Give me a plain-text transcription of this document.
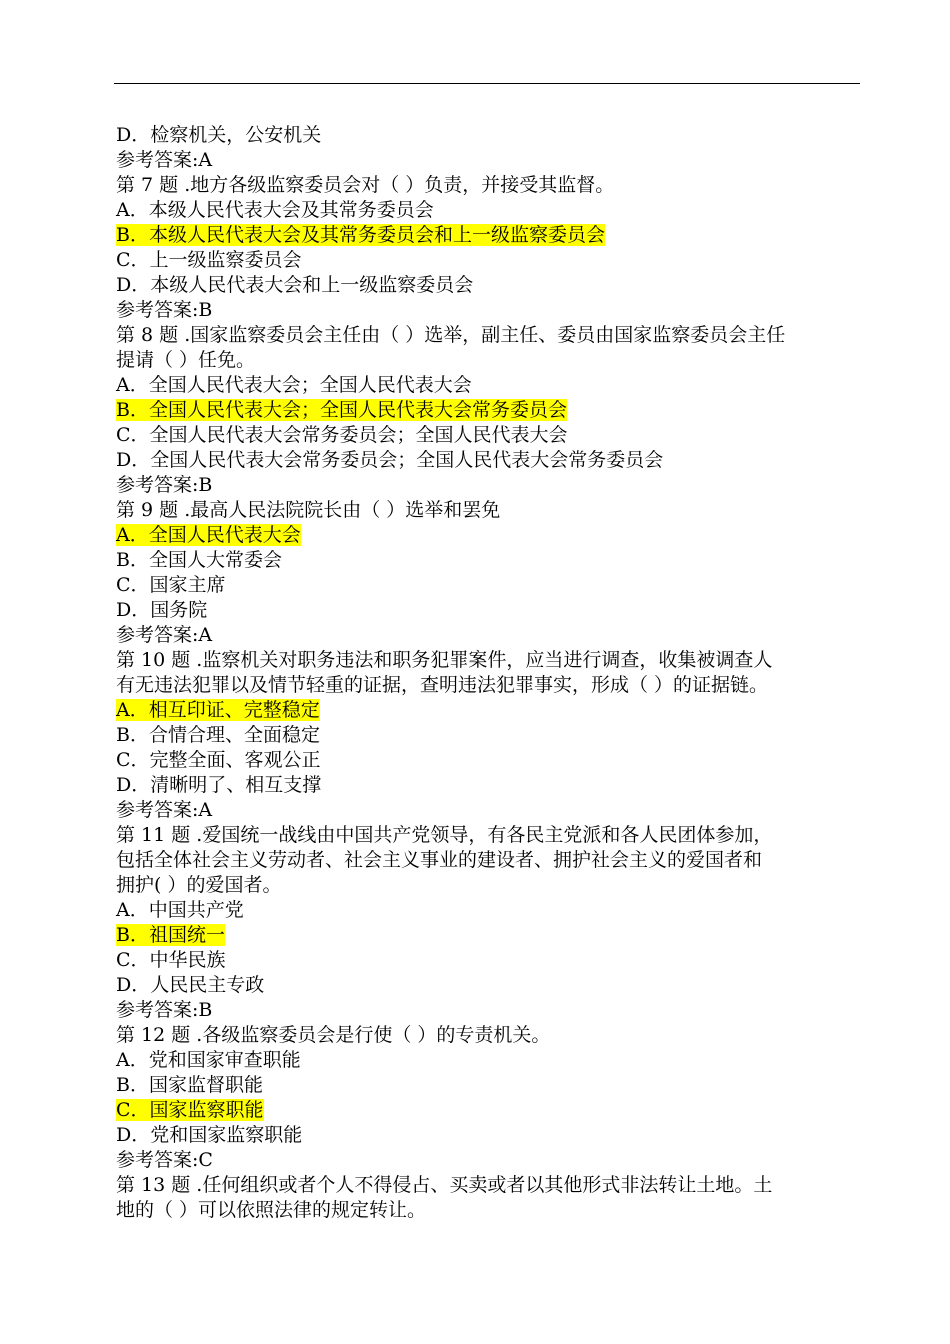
D．检察机关，公安机关
参考答案:A
第 7 题 .地方各级监察委员会对（ ）负责，并接受其监督。
A．本级人民代表大会及其常务委员会
B．本级人民代表大会及其常务委员会和上一级监察委员会
C．上一级监察委员会
D．本级人民代表大会和上一级监察委员会
参考答案:B
第 8 题 .国家监察委员会主任由（ ）选举，副主任、委员由国家监察委员会主任
提请（ ）任免。
A．全国人民代表大会；全国人民代表大会
B．全国人民代表大会；全国人民代表大会常务委员会
C．全国人民代表大会常务委员会；全国人民代表大会
D．全国人民代表大会常务委员会；全国人民代表大会常务委员会
参考答案:B
第 9 题 .最高人民法院院长由（ ）选举和罢免
A．全国人民代表大会
B．全国人大常委会
C．国家主席
D．国务院
参考答案:A
第 10 题 .监察机关对职务违法和职务犯罪案件，应当进行调查，收集被调查人
有无违法犯罪以及情节轻重的证据，查明违法犯罪事实，形成（ ）的证据链。
A．相互印证、完整稳定
B．合情合理、全面稳定
C．完整全面、客观公正
D．清晰明了、相互支撑
参考答案:A
第 11 题 .爱国统一战线由中国共产党领导，有各民主党派和各人民团体参加，
包括全体社会主义劳动者、社会主义事业的建设者、拥护社会主义的爱国者和
拥护( ）的爱国者。
A．中国共产党
B．祖国统一
C．中华民族
D．人民民主专政
参考答案:B
第 12 题 .各级监察委员会是行使（ ）的专责机关。
A．党和国家审查职能
B．国家监督职能
C．国家监察职能
D．党和国家监察职能
参考答案:C
第 13 题 .任何组织或者个人不得侵占、买卖或者以其他形式非法转让土地。土
地的（ ）可以依照法律的规定转让。
